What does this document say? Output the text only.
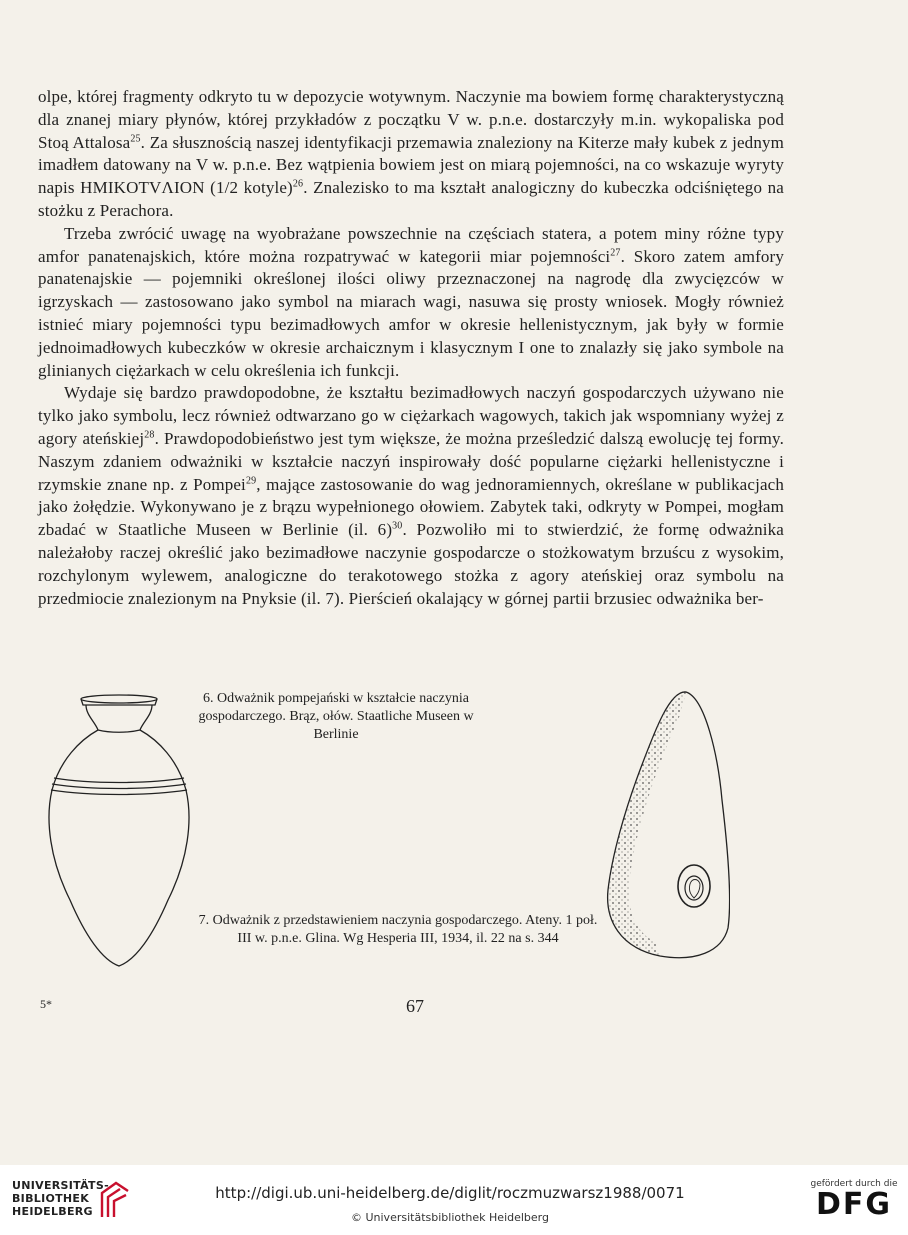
olpe, której fragmenty odkryto tu w depozycie wotywnym. Naczynie ma bowiem formę charakterystyczną dla znanej miary płynów, której przykładów z początku V w. p.n.e. dostarczyły m.in. wykopaliska pod Stoą Attalosa$^{25}$. Za słusznością naszej identyfikacji przemawia znaleziony na Kiterze mały kubek z jednym imadłem datowany na V w. p.n.e. Bez wątpienia bowiem jest on miarą pojemności, na co wskazuje wyryty napis HMIKOTVΛION (1/2 kotyle)$^{26}$. Znalezisko to ma kształt analogiczny do kubeczka odciśniętego na stożku z Perachora.

Trzeba zwrócić uwagę na wyobrażane powszechnie na częściach statera, a potem miny różne typy amfor panatenajskich, które można rozpatrywać w kategorii miar pojemności$^{27}$. Skoro zatem amfory panatenajskie — pojemniki określonej ilości oliwy przeznaczonej na nagrodę dla zwycięzców w igrzyskach — zastosowano jako symbol na miarach wagi, nasuwa się prosty wniosek. Mogły również istnieć miary pojemności typu bezimadłowych amfor w okresie hellenistycznym, jak były w formie jednoimadłowych kubeczków w okresie archaicznym i klasycznym I one to znalazły się jako symbole na glinianych ciężarkach w celu określenia ich funkcji.

Wydaje się bardzo prawdopodobne, że kształtu bezimadłowych naczyń gospodarczych używano nie tylko jako symbolu, lecz również odtwarzano go w ciężarkach wagowych, takich jak wspomniany wyżej z agory ateńskiej$^{28}$. Prawdopodobieństwo jest tym większe, że można prześledzić dalszą ewolucję tej formy. Naszym zdaniem odważniki w kształcie naczyń inspirowały dość popularne ciężarki hellenistyczne i rzymskie znane np. z Pompei$^{29}$, mające zastosowanie do wag jednoramiennych, określane w publikacjach jako żołędzie. Wykonywano je z brązu wypełnionego ołowiem. Zabytek taki, odkryty w Pompei, mogłam zbadać w Staatliche Museen w Berlinie (il. 6)$^{30}$. Pozwoliło mi to stwierdzić, że formę odważnika należałoby raczej określić jako bezimadłowe naczynie gospodarcze o stożkowatym brzuścu z wysokim, rozchylonym wylewem, analogiczne do terakotowego stożka z agory ateńskiej oraz symbolu na przedmiocie znalezionym na Pnyksie (il. 7). Pierścień okalający w górnej partii brzusiec odważnika ber-

6. Odważnik pompejański w kształcie naczynia gospodarczego. Brąz, ołów. Staatliche Museen w Berlinie
7. Odważnik z przedstawieniem naczynia gospodarczego. Ateny. 1 poł. III w. p.n.e. Glina. Wg Hesperia III, 1934, il. 22 na s. 344
5*	67
UNIVERSITÄTS-
BIBLIOTHEK
HEIDELBERG
http://digi.ub.uni-heidelberg.de/diglit/roczmuzwarsz1988/0071
© Universitätsbibliothek Heidelberg
gefördert durch die
DFG
